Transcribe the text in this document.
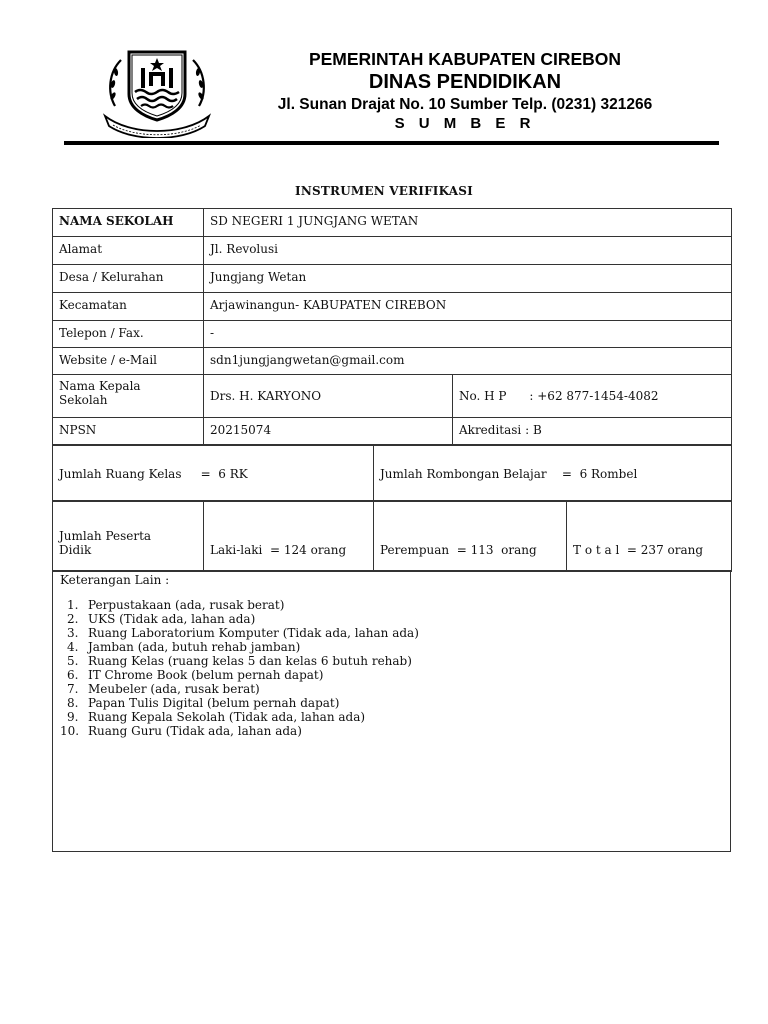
PEMERINTAH KABUPATEN CIREBON
DINAS PENDIDIKAN
Jl. Sunan Drajat No. 10 Sumber Telp. (0231) 321266
S U M B E R
INSTRUMEN VERIFIKASI
NAMA SEKOLAH	SD NEGERI 1 JUNGJANG WETAN	
Alamat	Jl. Revolusi	
Desa / Kelurahan	Jungjang Wetan	
Kecamatan	Arjawinangun- KABUPATEN CIREBON	
Telepon / Fax.	-	
Website / e-Mail	sdn1jungjangwetan@gmail.com	

Nama Kepala
Sekolah	Drs. H. KARYONO	No. H P : +62 877-1454-4082
NPSN	20215074	Akreditasi : B
Jumlah Ruang Kelas     =  6 RK	Jumlah Rombongan Belajar    =  6 Rombel
Jumlah Peserta
Didik	Laki-laki  = 124 orang	Perempuan  = 113  orang	T o t a l  = 237 orang
Keterangan Lain :
1. Perpustakaan (ada, rusak berat)
2. UKS (Tidak ada, lahan ada)
3. Ruang Laboratorium Komputer (Tidak ada, lahan ada)
4. Jamban (ada, butuh rehab jamban)
5. Ruang Kelas (ruang kelas 5 dan kelas 6 butuh rehab)
6. IT Chrome Book (belum pernah dapat)
7. Meubeler (ada, rusak berat)
8. Papan Tulis Digital (belum pernah dapat)
9. Ruang Kepala Sekolah (Tidak ada, lahan ada)
10. Ruang Guru (Tidak ada, lahan ada)
